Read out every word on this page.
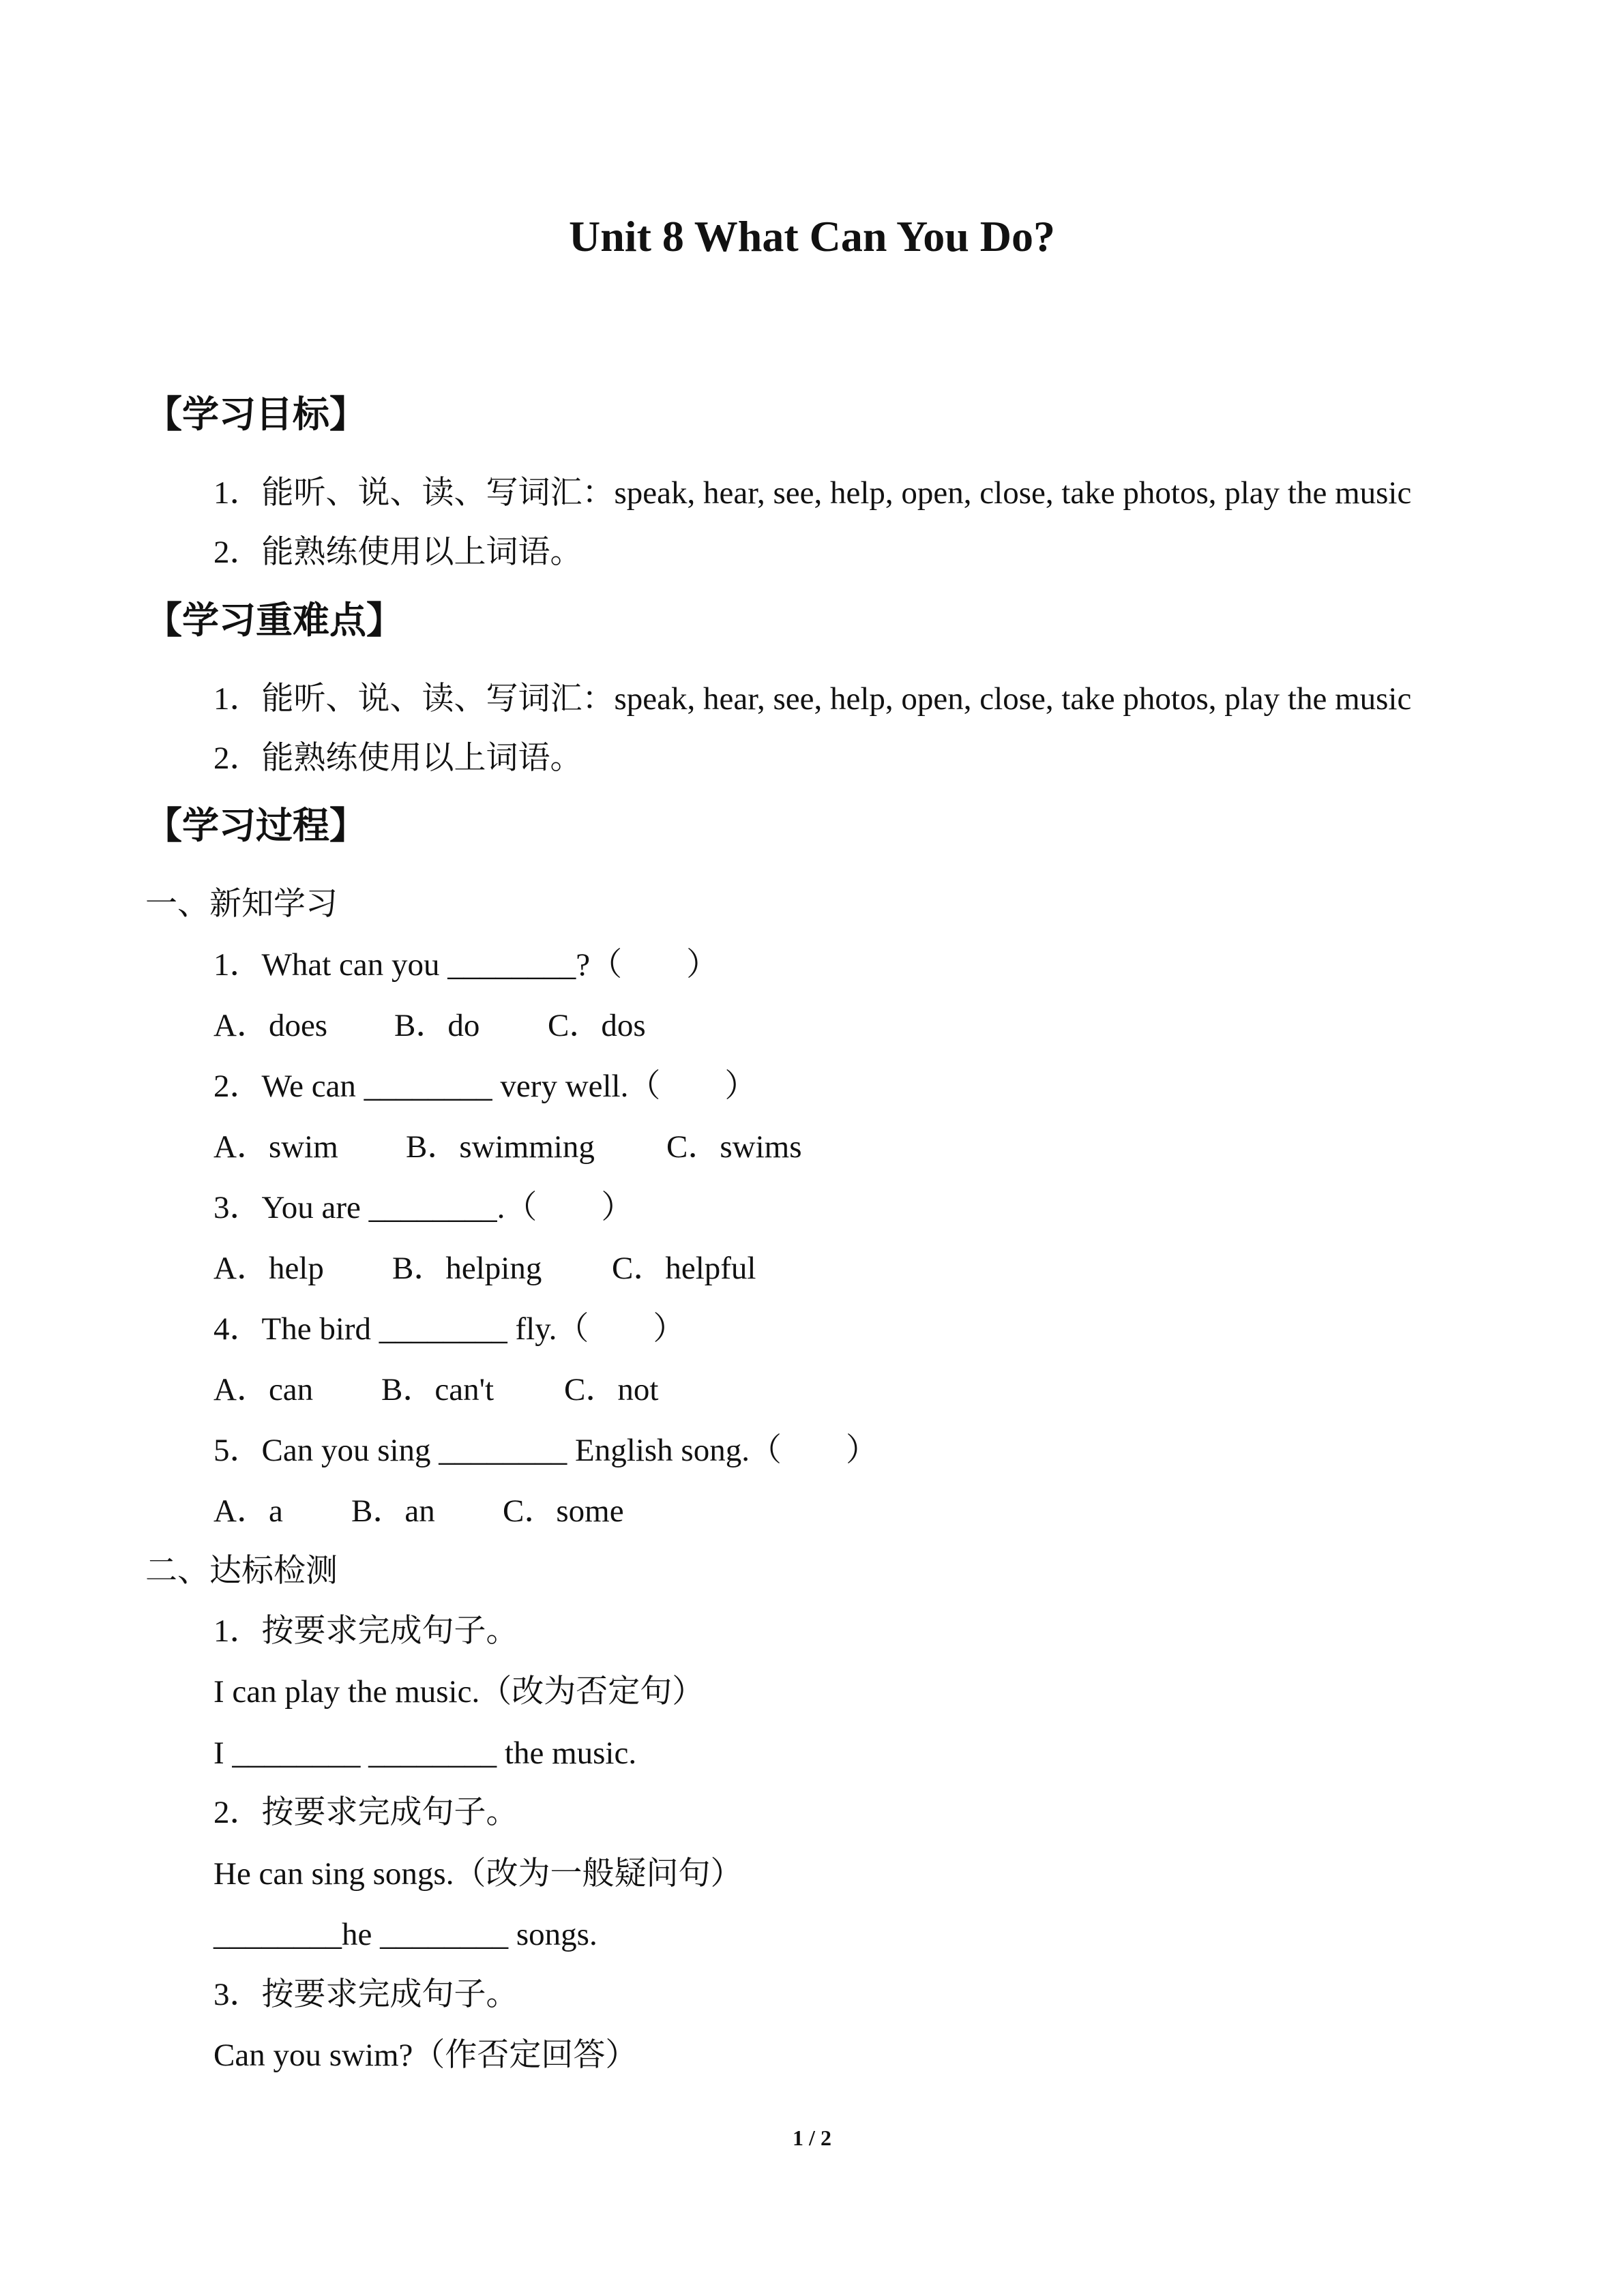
Unit 8 What Can You Do?
【学习目标】
1．能听、说、读、写词汇：speak, hear, see, help, open, close, take photos, play the music
2．能熟练使用以上词语。
【学习重难点】
1．能听、说、读、写词汇：speak, hear, see, help, open, close, take photos, play the music
2．能熟练使用以上词语。
【学习过程】
一、新知学习
1．What can you ________?（　　）
A．does B．do C．dos
2．We can ________ very well.（　　）
A．swim B．swimming C．swims
3．You are ________.（　　）
A．help B．helping C．helpful
4．The bird ________ fly.（　　）
A．can B．can't C．not
5．Can you sing ________ English song.（　　）
A．a B．an C．some
二、达标检测
1．按要求完成句子。
I can play the music.（改为否定句）
I ________ ________ the music.
2．按要求完成句子。
He can sing songs.（改为一般疑问句）
________he ________ songs.
3．按要求完成句子。
Can you swim?（作否定回答）
1 / 2
